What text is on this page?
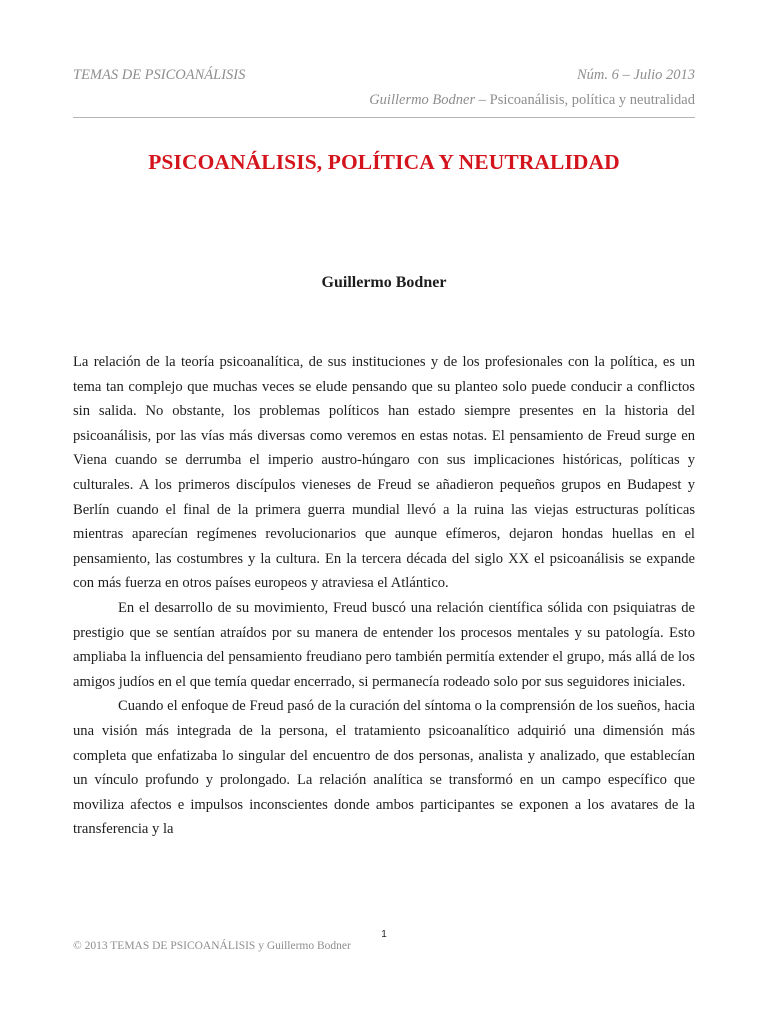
TEMAS DE PSICOANÁLISIS	Núm. 6 – Julio 2013
Guillermo Bodner – Psicoanálisis, política y neutralidad
PSICOANÁLISIS, POLÍTICA Y NEUTRALIDAD
Guillermo Bodner

La relación de la teoría psicoanalítica, de sus instituciones y de los profesionales con la política, es un tema tan complejo que muchas veces se elude pensando que su planteo solo puede conducir a conflictos sin salida. No obstante, los problemas políticos han estado siempre presentes en la historia del psicoanálisis, por las vías más diversas como veremos en estas notas. El pensamiento de Freud surge en Viena cuando se derrumba el imperio austro-húngaro con sus implicaciones históricas, políticas y culturales. A los primeros discípulos vieneses de Freud se añadieron pequeños grupos en Budapest y Berlín cuando el final de la primera guerra mundial llevó a la ruina las viejas estructuras políticas mientras aparecían regímenes revolucionarios que aunque efímeros, dejaron hondas huellas en el pensamiento, las costumbres y la cultura. En la tercera década del siglo XX el psicoanálisis se expande con más fuerza en otros países europeos y atraviesa el Atlántico.

En el desarrollo de su movimiento, Freud buscó una relación científica sólida con psiquiatras de prestigio que se sentían atraídos por su manera de entender los procesos mentales y su patología. Esto ampliaba la influencia del pensamiento freudiano pero también permitía extender el grupo, más allá de los amigos judíos en el que temía quedar encerrado, si permanecía rodeado solo por sus seguidores iniciales.

Cuando el enfoque de Freud pasó de la curación del síntoma o la comprensión de los sueños, hacia una visión más integrada de la persona, el tratamiento psicoanalítico adquirió una dimensión más completa que enfatizaba lo singular del encuentro de dos personas, analista y analizado, que establecían un vínculo profundo y prolongado. La relación analítica se transformó en un campo específico que moviliza afectos e impulsos inconscientes donde ambos participantes se exponen a los avatares de la transferencia y la

1
© 2013 TEMAS DE PSICOANÁLISIS y Guillermo Bodner
